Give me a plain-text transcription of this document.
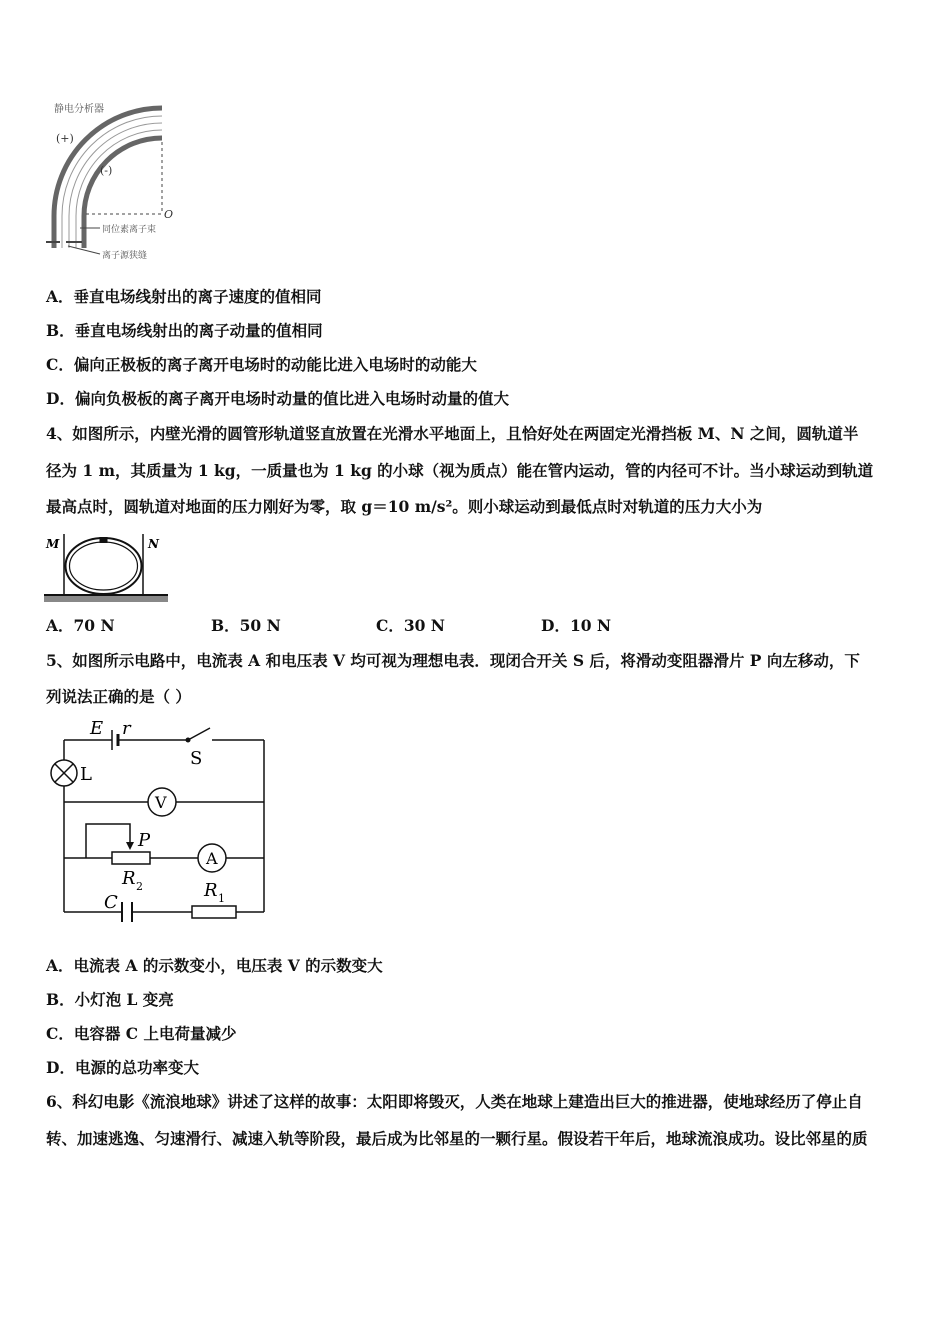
静电分析器
(+)
(-)
O
同位素离子束
离子源狭缝
A．垂直电场线射出的离子速度的值相同
B．垂直电场线射出的离子动量的值相同
C．偏向正极板的离子离开电场时的动能比进入电场时的动能大
D．偏向负极板的离子离开电场时动量的值比进入电场时动量的值大
4、如图所示，内壁光滑的圆管形轨道竖直放置在光滑水平地面上，且恰好处在两固定光滑挡板 M、N 之间，圆轨道半
径为 1 m，其质量为 1 kg，一质量也为 1 kg 的小球（视为质点）能在管内运动，管的内径可不计。当小球运动到轨道
最高点时，圆轨道对地面的压力刚好为零，取 g＝10 m/s²。则小球运动到最低点时对轨道的压力大小为
M	N
A．70 N	B．50 N	C．30 N	D．10 N
5、如图所示电路中，电流表 A 和电压表 V 均可视为理想电表．现闭合开关 S 后，将滑动变阻器滑片 P 向左移动，下
列说法正确的是（ ）
E r
S
L
V
P
R 2
A
C
R 1
A．电流表 A 的示数变小，电压表 V 的示数变大
B．小灯泡 L 变亮
C．电容器 C 上电荷量减少
D．电源的总功率变大
6、科幻电影《流浪地球》讲述了这样的故事：太阳即将毁灭，人类在地球上建造出巨大的推进器，使地球经历了停止自
转、加速逃逸、匀速滑行、减速入轨等阶段，最后成为比邻星的一颗行星。假设若干年后，地球流浪成功。设比邻星的质
